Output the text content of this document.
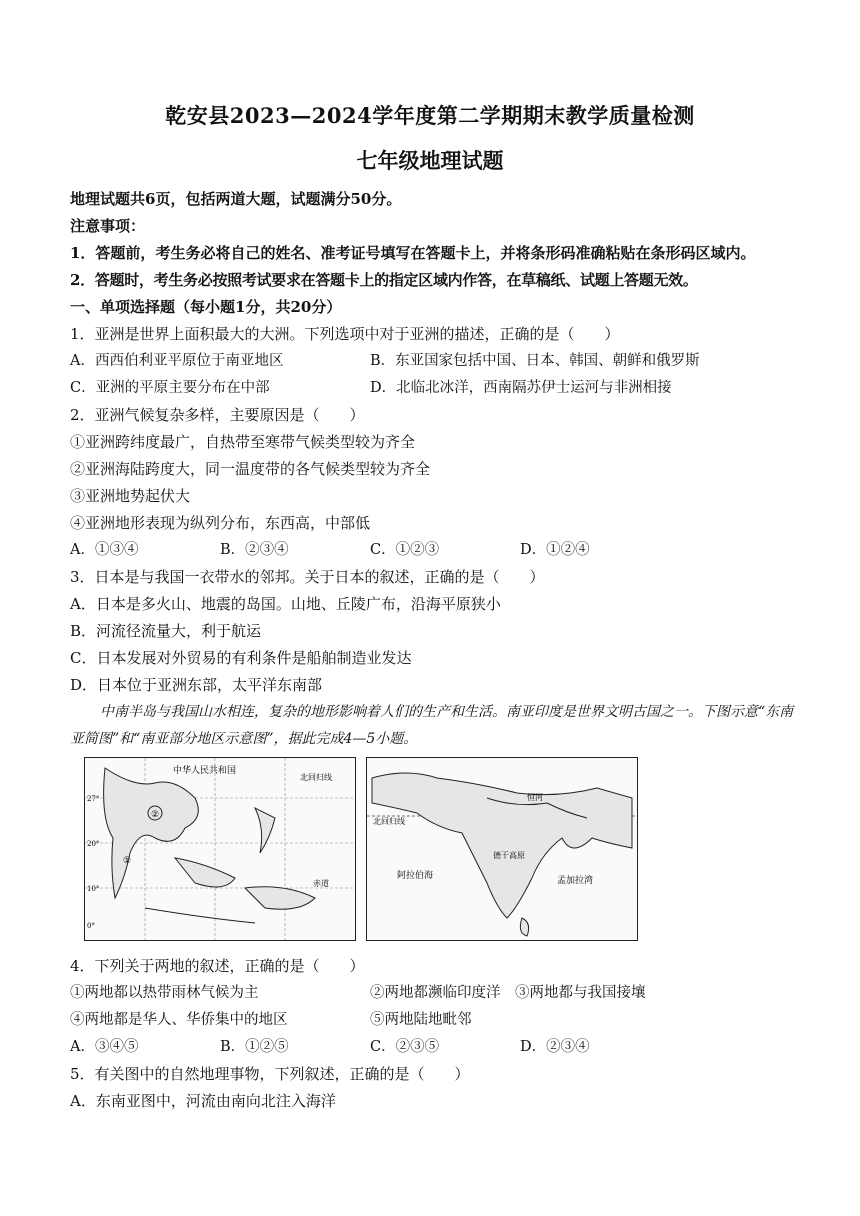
乾安县2023—2024学年度第二学期期末教学质量检测
七年级地理试题
地理试题共6页，包括两道大题，试题满分50分。
注意事项：
1．答题前，考生务必将自己的姓名、准考证号填写在答题卡上，并将条形码准确粘贴在条形码区域内。
2．答题时，考生务必按照考试要求在答题卡上的指定区域内作答，在草稿纸、试题上答题无效。
一、单项选择题（每小题1分，共20分）
1．亚洲是世界上面积最大的大洲。下列选项中对于亚洲的描述，正确的是（　　）
A．西西伯利亚平原位于南亚地区	B．东亚国家包括中国、日本、韩国、朝鲜和俄罗斯
C．亚洲的平原主要分布在中部	D．北临北冰洋，西南隔苏伊士运河与非洲相接
2．亚洲气候复杂多样，主要原因是（　　）
①亚洲跨纬度最广，自热带至寒带气候类型较为齐全
②亚洲海陆跨度大，同一温度带的各气候类型较为齐全
③亚洲地势起伏大
④亚洲地形表现为纵列分布，东西高，中部低
A．①③④	B．②③④	C．①②③	D．①②④
3．日本是与我国一衣带水的邻邦。关于日本的叙述，正确的是（　　）
A．日本是多火山、地震的岛国。山地、丘陵广布，沿海平原狭小
B．河流径流量大，利于航运
C．日本发展对外贸易的有利条件是船舶制造业发达
D．日本位于亚洲东部，太平洋东南部
中南半岛与我国山水相连，复杂的地形影响着人们的生产和生活。南亚印度是世界文明古国之一。下图示意“东南亚简图”和“南亚部分地区示意图”，据此完成4—5小题。
中华人民共和国
北回归线
赤道
27°
20°
10°
0°
①
②
北回归线
阿拉伯海	孟加拉湾
德干高原
恒河
4．下列关于两地的叙述，正确的是（　　）
①两地都以热带雨林气候为主	②两地都濒临印度洋　③两地都与我国接壤
④两地都是华人、华侨集中的地区	⑤两地陆地毗邻
A．③④⑤	B．①②⑤	C．②③⑤	D．②③④
5．有关图中的自然地理事物，下列叙述，正确的是（　　）
A．东南亚图中，河流由南向北注入海洋
